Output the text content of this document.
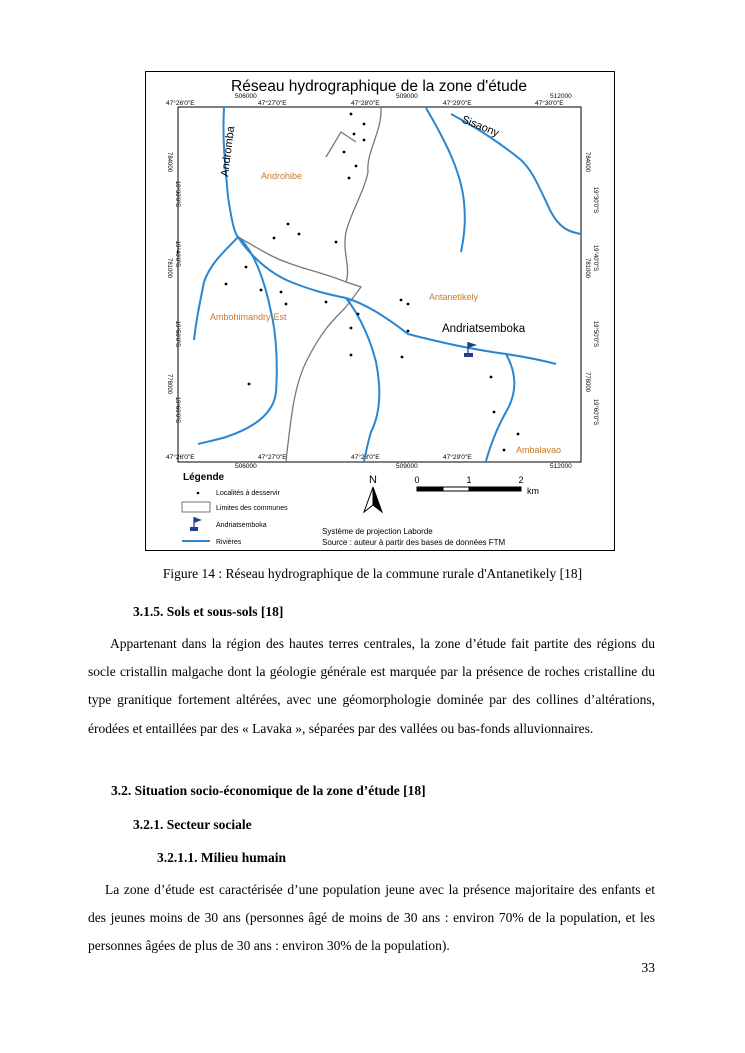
Réseau hydrographique de la zone d'étude
47°26'0"E	47°27'0"E	47°28'0"E	47°29'0"E	47°30'0"E
506000	509000	512000
47°26'0"E	47°27'0"E	47°28'0"E	47°29'0"E
506000	509000	512000
784000
19°30'0"S
19°40'0"S
781000
19°50'0"S
778000
19°60'0"S
784000
19°30'0"S
19°40'0"S
781000
19°50'0"S
778000
19°60'0"S
Andromba	Sisaony
Androhibe
Antanetikely
Ambohimandry-Est
Ambalavao
Andriatsemboka
Légende
Localités à desservir
Limites des communes
Andriatsemboka
Rivières
N	0	1	2
km
Système de projection Laborde
Source : auteur à partir des bases de données FTM
Figure 14 : Réseau hydrographique de la commune rurale d'Antanetikely [18]
3.1.5. Sols et sous-sols [18]

Appartenant dans la région des hautes terres centrales, la zone d’étude fait partite des régions du socle cristallin malgache dont la géologie générale est marquée par la présence de roches cristalline du type granitique fortement altérées, avec une géomorphologie dominée par des collines d’altérations, érodées et entaillées par des « Lavaka », séparées par des vallées ou bas-fonds alluvionnaires.

3.2. Situation socio-économique de la zone d’étude [18]
3.2.1. Secteur sociale
3.2.1.1. Milieu humain

La zone d’étude est caractérisée d’une population jeune avec la présence majoritaire des enfants et des jeunes moins de 30 ans (personnes âgé de moins de 30 ans : environ 70% de la population, et les personnes âgées de plus de 30 ans : environ 30% de la population).

33
